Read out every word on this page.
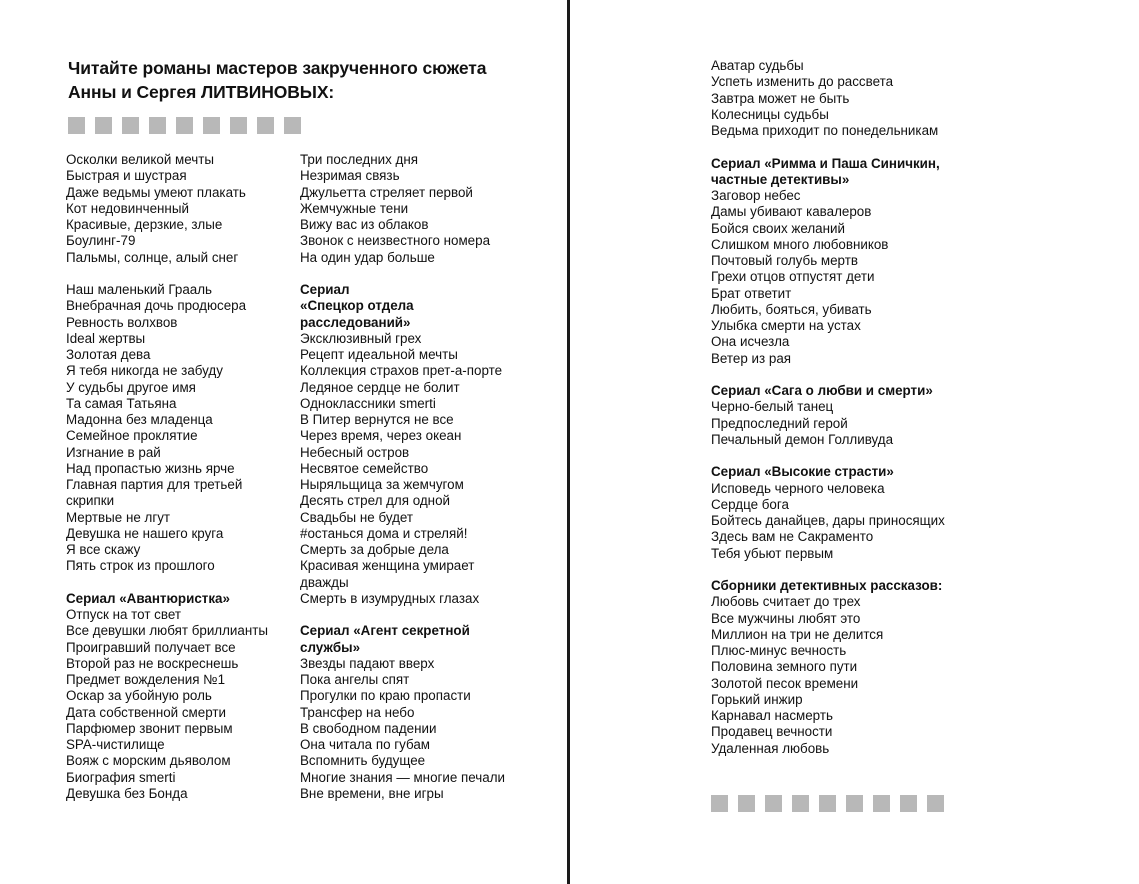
Читайте романы мастеров закрученного сюжета
Анны и Сергея ЛИТВИНОВЫХ:
Осколки великой мечты
Быстрая и шустрая
Даже ведьмы умеют плакать
Кот недовинченный
Красивые, дерзкие, злые
Боулинг-79
Пальмы, солнце, алый снег
Наш маленький Грааль
Внебрачная дочь продюсера
Ревность волхвов
Ideal жертвы
Золотая дева
Я тебя никогда не забуду
У судьбы другое имя
Та самая Татьяна
Мадонна без младенца
Семейное проклятие
Изгнание в рай
Над пропастью жизнь ярче
Главная партия для третьей
скрипки
Мертвые не лгут
Девушка не нашего круга
Я все скажу
Пять строк из прошлого
Сериал «Авантюристка»
Отпуск на тот свет
Все девушки любят бриллианты
Проигравший получает все
Второй раз не воскреснешь
Предмет вожделения №1
Оскар за убойную роль
Дата собственной смерти
Парфюмер звонит первым
SPA-чистилище
Вояж с морским дьяволом
Биография smerti
Девушка без Бонда
Три последних дня
Незримая связь
Джульетта стреляет первой
Жемчужные тени
Вижу вас из облаков
Звонок с неизвестного номера
На один удар больше
Сериал
«Спецкор отдела
расследований»
Эксклюзивный грех
Рецепт идеальной мечты
Коллекция страхов прет-а-порте
Ледяное сердце не болит
Одноклассники smerti
В Питер вернутся не все
Через время, через океан
Небесный остров
Несвятое семейство
Ныряльщица за жемчугом
Десять стрел для одной
Свадьбы не будет
#останься дома и стреляй!
Смерть за добрые дела
Красивая женщина умирает
дважды
Смерть в изумрудных глазах
Сериал «Агент секретной
службы»
Звезды падают вверх
Пока ангелы спят
Прогулки по краю пропасти
Трансфер на небо
В свободном падении
Она читала по губам
Вспомнить будущее
Многие знания — многие печали
Вне времени, вне игры
Аватар судьбы
Успеть изменить до рассвета
Завтра может не быть
Колесницы судьбы
Ведьма приходит по понедельникам
Сериал «Римма и Паша Синичкин,
частные детективы»
Заговор небес
Дамы убивают кавалеров
Бойся своих желаний
Слишком много любовников
Почтовый голубь мертв
Грехи отцов отпустят дети
Брат ответит
Любить, бояться, убивать
Улыбка смерти на устах
Она исчезла
Ветер из рая
Сериал «Сага о любви и смерти»
Черно-белый танец
Предпоследний герой
Печальный демон Голливуда
Сериал «Высокие страсти»
Исповедь черного человека
Сердце бога
Бойтесь данайцев, дары приносящих
Здесь вам не Сакраменто
Тебя убьют первым
Сборники детективных рассказов:
Любовь считает до трех
Все мужчины любят это
Миллион на три не делится
Плюс-минус вечность
Половина земного пути
Золотой песок времени
Горький инжир
Карнавал насмерть
Продавец вечности
Удаленная любовь
